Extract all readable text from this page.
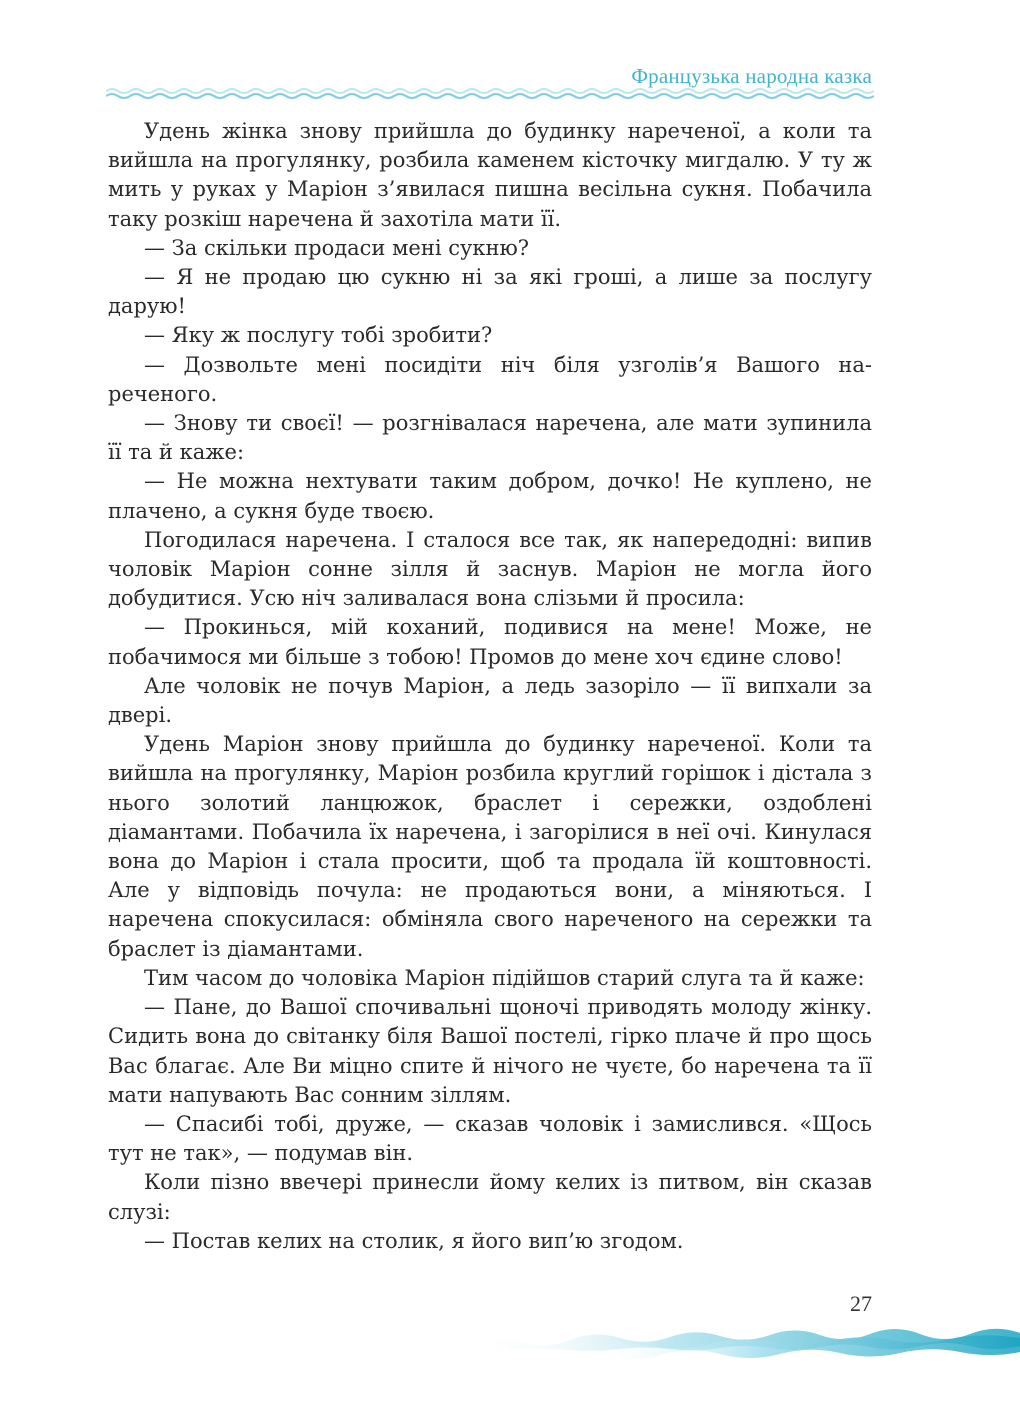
Французька народна казка

Удень жінка знову прийшла до будинку нареченої, а коли та вийшла на прогулянку, розбила каменем кісточку мигдалю. У ту ж мить у руках у Маріон з’явилася пишна весільна сукня. Побачила таку розкіш наречена й захотіла мати її.

— За скільки продаси мені сукню?

— Я не продаю цю сукню ні за які гроші, а лише за послугу дарую!

— Яку ж послугу тобі зробити?

— Дозвольте мені посидіти ніч біля узголів’я Вашого нареченого.

— Знову ти своєї! — розгнівалася наречена, але мати зупинила її та й каже:

— Не можна нехтувати таким добром, дочко! Не куплено, не плачено, а сукня буде твоєю.

Погодилася наречена. І сталося все так, як напередодні: випив чоловік Маріон сонне зілля й заснув. Маріон не могла його добудитися. Усю ніч заливалася вона слізьми й просила:

— Прокинься, мій коханий, подивися на мене! Може, не побачимося ми більше з тобою! Промов до мене хоч єдине слово!

Але чоловік не почув Маріон, а ледь зазоріло — її випхали за двері.

Удень Маріон знову прийшла до будинку нареченої. Коли та вийшла на прогулянку, Маріон розбила круглий горішок і дістала з нього золотий ланцюжок, браслет і сережки, оздоблені діамантами. Побачила їх наречена, і загорілися в неї очі. Кинулася вона до Маріон і стала просити, щоб та продала їй коштовності. Але у відповідь почула: не продаються вони, а міняються. І наречена спокусилася: обміняла свого нареченого на сережки та браслет із діамантами.

Тим часом до чоловіка Маріон підійшов старий слуга та й каже:

— Пане, до Вашої спочивальні щоночі приводять молоду жінку. Сидить вона до світанку біля Вашої постелі, гірко плаче й про щось Вас благає. Але Ви міцно спите й нічого не чуєте, бо наречена та її мати напувають Вас сонним зіллям.

— Спасибі тобі, друже, — сказав чоловік і замислився. «Щось тут не так», — подумав він.

Коли пізно ввечері принесли йому келих із питвом, він сказав слузі:

— Постав келих на столик, я його вип’ю згодом.

27
